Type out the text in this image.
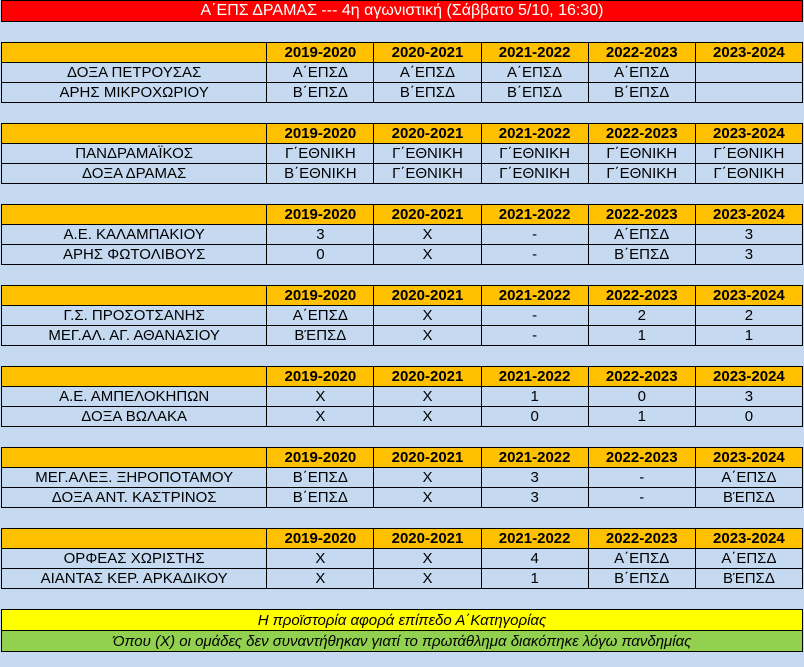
Α΄ΕΠΣ ΔΡΑΜΑΣ --- 4η αγωνιστική (Σάββατο 5/10, 16:30)					

	2019-2020	2020-2021	2021-2022	2022-2023	2023-2024
ΔΟΞΑ ΠΕΤΡΟΥΣΑΣ	Α΄ΕΠΣΔ	Α΄ΕΠΣΔ	Α΄ΕΠΣΔ	Α΄ΕΠΣΔ	
ΑΡΗΣ ΜΙΚΡΟΧΩΡΙΟΥ	Β΄ΕΠΣΔ	Β΄ΕΠΣΔ	Β΄ΕΠΣΔ	Β΄ΕΠΣΔ	

	2019-2020	2020-2021	2021-2022	2022-2023	2023-2024
ΠΑΝΔΡΑΜΑΪΚΟΣ	Γ΄ΕΘΝΙΚΗ	Γ΄ΕΘΝΙΚΗ	Γ΄ΕΘΝΙΚΗ	Γ΄ΕΘΝΙΚΗ	Γ΄ΕΘΝΙΚΗ
ΔΟΞΑ ΔΡΑΜΑΣ	Β΄ΕΘΝΙΚΗ	Γ΄ΕΘΝΙΚΗ	Γ΄ΕΘΝΙΚΗ	Γ΄ΕΘΝΙΚΗ	Γ΄ΕΘΝΙΚΗ

	2019-2020	2020-2021	2021-2022	2022-2023	2023-2024
Α.Ε. ΚΑΛΑΜΠΑΚΙΟΥ	3	Χ	-	Α΄ΕΠΣΔ	3
ΑΡΗΣ ΦΩΤΟΛΙΒΟΥΣ	0	Χ	-	Β΄ΕΠΣΔ	3

	2019-2020	2020-2021	2021-2022	2022-2023	2023-2024
Γ.Σ. ΠΡΟΣΟΤΣΑΝΗΣ	Α΄ΕΠΣΔ	Χ	-	2	2
ΜΕΓ.ΑΛ. ΑΓ. ΑΘΑΝΑΣΙΟΥ	ΒΈΠΣΔ	Χ	-	1	1

	2019-2020	2020-2021	2021-2022	2022-2023	2023-2024
Α.Ε. ΑΜΠΕΛΟΚΗΠΩΝ	Χ	Χ	1	0	3
ΔΟΞΑ ΒΩΛΑΚΑ	Χ	Χ	0	1	0

	2019-2020	2020-2021	2021-2022	2022-2023	2023-2024
ΜΕΓ.ΑΛΕΞ. ΞΗΡΟΠΟΤΑΜΟΥ	Β΄ΕΠΣΔ	Χ	3	-	Α΄ΕΠΣΔ
ΔΟΞΑ ΑΝΤ. ΚΑΣΤΡΙΝΟΣ	Β΄ΕΠΣΔ	Χ	3	-	ΒΈΠΣΔ

	2019-2020	2020-2021	2021-2022	2022-2023	2023-2024
ΟΡΦΕΑΣ ΧΩΡΙΣΤΗΣ	Χ	Χ	4	Α΄ΕΠΣΔ	Α΄ΕΠΣΔ
ΑΙΑΝΤΑΣ ΚΕΡ. ΑΡΚΑΔΙΚΟΥ	Χ	Χ	1	Β΄ΕΠΣΔ	ΒΈΠΣΔ

Η προϊστορία αφορά επίπεδο Α΄Κατηγορίας					
Όπου (Χ) οι ομάδες δεν συναντήθηκαν γιατί το πρωτάθλημα διακόπηκε λόγω πανδημίας					
